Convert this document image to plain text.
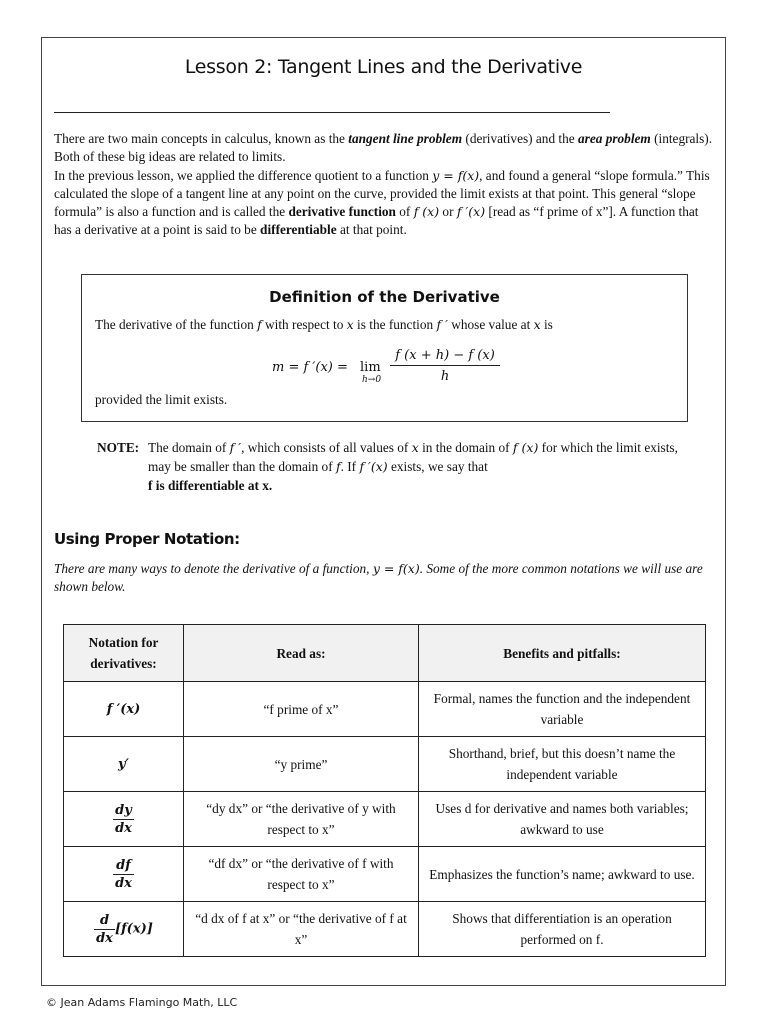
Lesson 2: Tangent Lines and the Derivative

There are two main concepts in calculus, known as the tangent line problem (derivatives) and the area problem (integrals). Both of these big ideas are related to limits.

In the previous lesson, we applied the difference quotient to a function y = f(x), and found a general “slope formula.” This calculated the slope of a tangent line at any point on the curve, provided the limit exists at that point. This general “slope formula” is also a function and is called the derivative function of f (x) or f ′(x) [read as “f prime of x”]. A function that has a derivative at a point is said to be differentiable at that point.

Definition of the Derivative
The derivative of the function f with respect to x is the function f ′ whose value at x is
m = f ′(x) = lim
h→0
f (x + h) − f (x)
h
provided the limit exists.
NOTE: The domain of f ′, which consists of all values of x in the domain of f (x) for which the limit exists, may be smaller than the domain of f. If f ′(x) exists, we say that
f is differentiable at x.
Using Proper Notation:
There are many ways to denote the derivative of a function, y = f(x). Some of the more common notations we will use are shown below.
Notation for derivatives:	Read as:	Benefits and pitfalls:
f ′(x)	“f prime of x”	Formal, names the function and the independent variable
y′	“y prime”	Shorthand, brief, but this doesn’t name the independent variable

$\frac{dy}{dx}$	“dy dx” or “the derivative of y with respect to x”	Uses d for derivative and names both variables; awkward to use

$\frac{df}{dx}$	“df dx” or “the derivative of f with respect to x”	Emphasizes the function’s name; awkward to use.

$\frac{d}{dx} [f(x)]$	“d dx of f at x” or “the derivative of f at x”	Shows that differentiation is an operation performed on f.
© Jean Adams Flamingo Math, LLC
